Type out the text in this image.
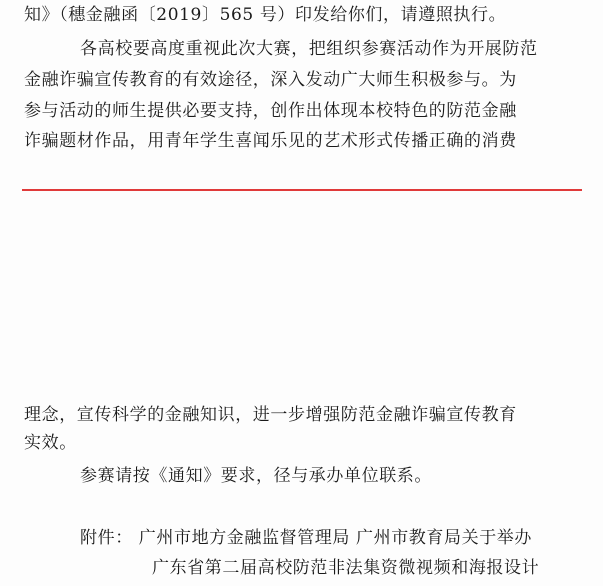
知》（穗金融函〔2019〕565 号）印发给你们，请遵照执行。
各高校要高度重视此次大赛，把组织参赛活动作为开展防范
金融诈骗宣传教育的有效途径，深入发动广大师生积极参与。为
参与活动的师生提供必要支持，创作出体现本校特色的防范金融
诈骗题材作品，用青年学生喜闻乐见的艺术形式传播正确的消费
理念，宣传科学的金融知识，进一步增强防范金融诈骗宣传教育
实效。
参赛请按《通知》要求，径与承办单位联系。
附件： 广州市地方金融监督管理局 广州市教育局关于举办
广东省第二届高校防范非法集资微视频和海报设计
